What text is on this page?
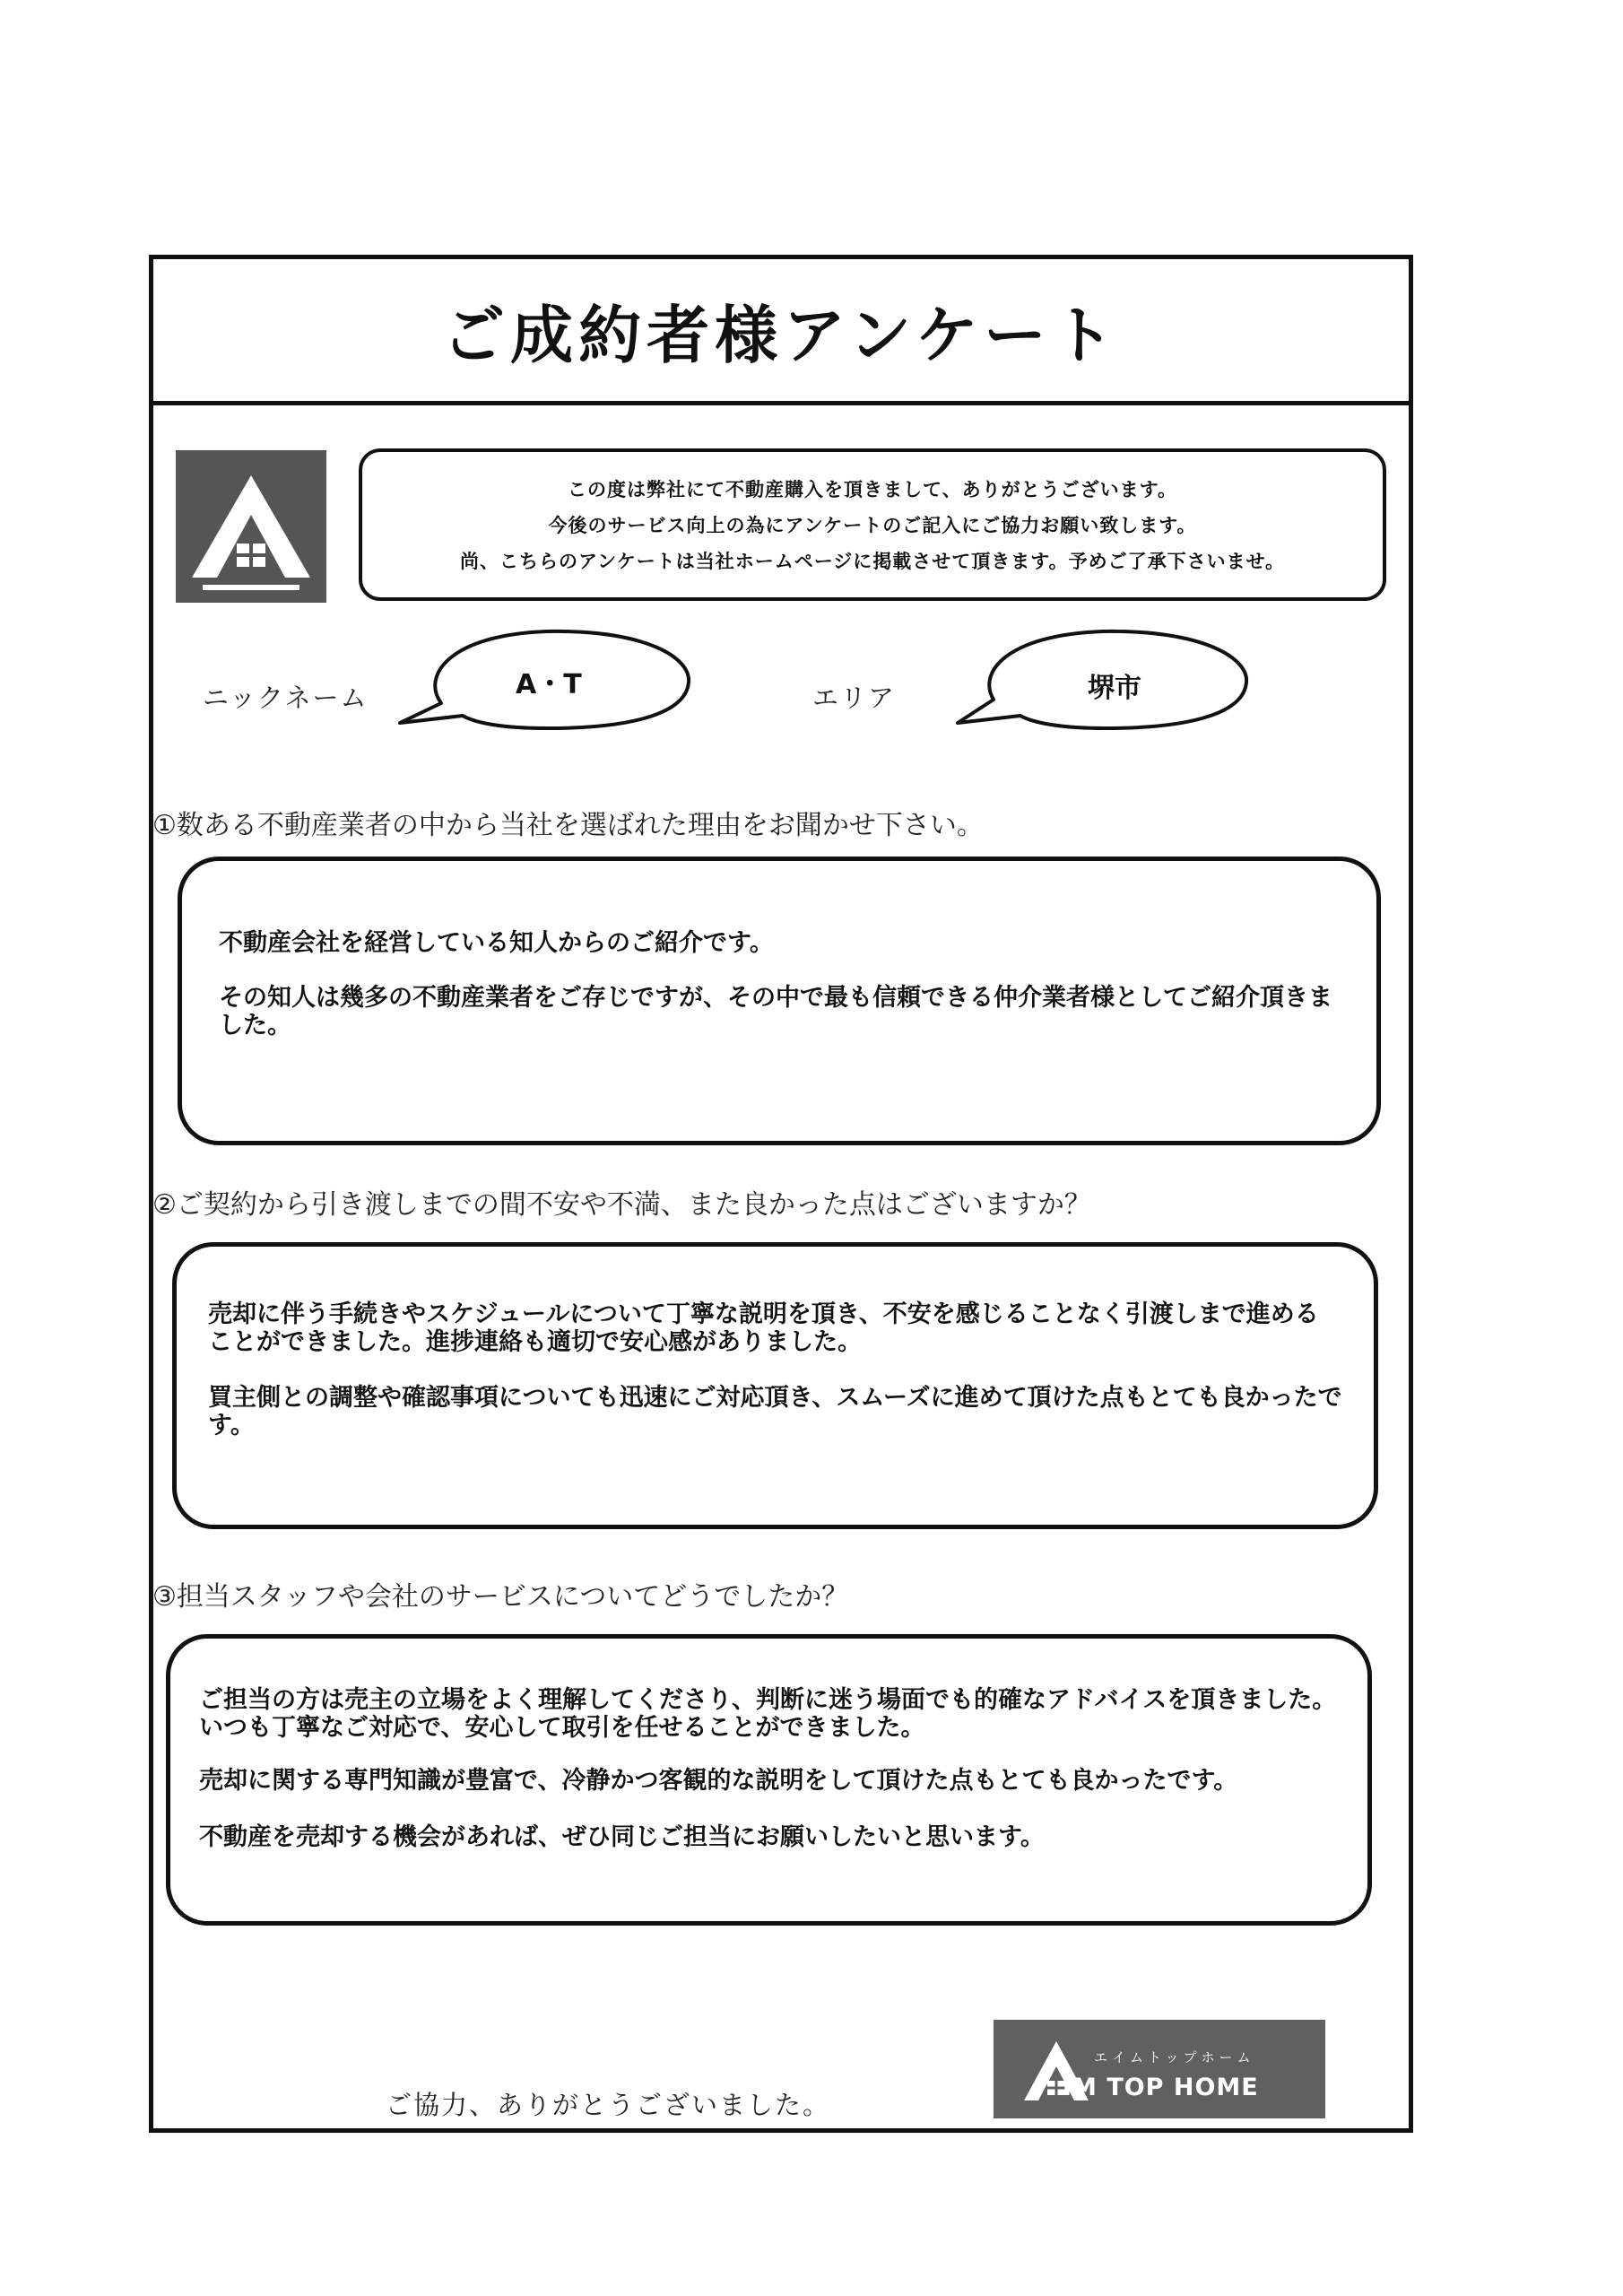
ご成約者様アンケート
この度は弊社にて不動産購入を頂きまして、ありがとうございます。
今後のサービス向上の為にアンケートのご記入にご協力お願い致します。
尚、こちらのアンケートは当社ホームページに掲載させて頂きます。予めご了承下さいませ。
ニックネーム	A・T	エリア	堺市
①数ある不動産業者の中から当社を選ばれた理由をお聞かせ下さい。
不動産会社を経営している知人からのご紹介です。
その知人は幾多の不動産業者をご存じですが、その中で最も信頼できる仲介業者様としてご紹介頂きました。
②ご契約から引き渡しまでの間不安や不満、また良かった点はございますか？
売却に伴う手続きやスケジュールについて丁寧な説明を頂き、不安を感じることなく引渡しまで進めることができました。進捗連絡も適切で安心感がありました。
買主側との調整や確認事項についても迅速にご対応頂き、スムーズに進めて頂けた点もとても良かったです。
③担当スタッフや会社のサービスについてどうでしたか？
ご担当の方は売主の立場をよく理解してくださり、判断に迷う場面でも的確なアドバイスを頂きました。いつも丁寧なご対応で、安心して取引を任せることができました。
売却に関する専門知識が豊富で、冷静かつ客観的な説明をして頂けた点もとても良かったです。
不動産を売却する機会があれば、ぜひ同じご担当にお願いしたいと思います。
ご協力、ありがとうございました。
エイムトップホーム
IM TOP HOME
